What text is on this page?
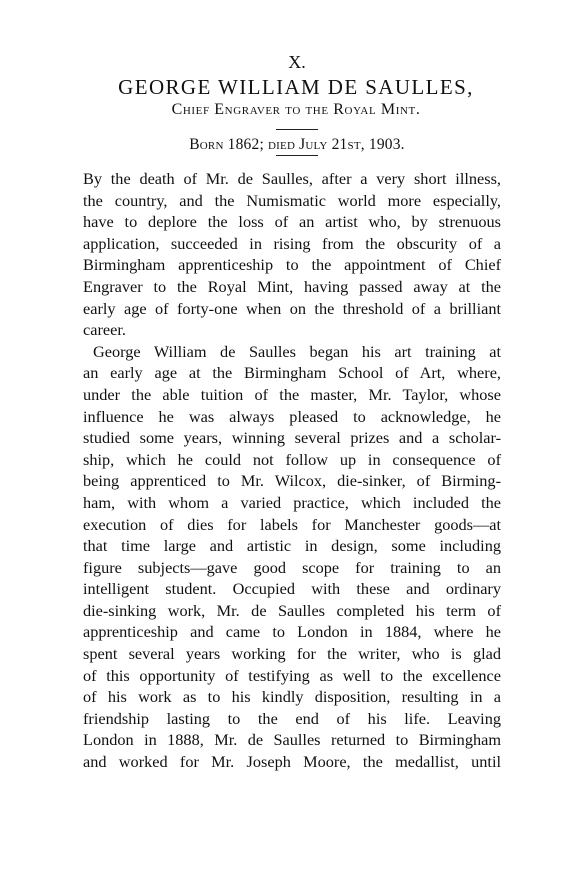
X.
GEORGE WILLIAM DE SAULLES,
Chief Engraver to the Royal Mint.
Born 1862; died July 21st, 1903.
By the death of Mr. de Saulles, after a very short illness,
the country, and the Numismatic world more especially,
have to deplore the loss of an artist who, by strenuous
application, succeeded in rising from the obscurity of a
Birmingham apprenticeship to the appointment of Chief
Engraver to the Royal Mint, having passed away at the
early age of forty-one when on the threshold of a brilliant
career.
George William de Saulles began his art training at
an early age at the Birmingham School of Art, where,
under the able tuition of the master, Mr. Taylor, whose
influence he was always pleased to acknowledge, he
studied some years, winning several prizes and a scholar-
ship, which he could not follow up in consequence of
being apprenticed to Mr. Wilcox, die-sinker, of Birming-
ham, with whom a varied practice, which included the
execution of dies for labels for Manchester goods—at
that time large and artistic in design, some including
figure subjects—gave good scope for training to an
intelligent student. Occupied with these and ordinary
die-sinking work, Mr. de Saulles completed his term of
apprenticeship and came to London in 1884, where he
spent several years working for the writer, who is glad
of this opportunity of testifying as well to the excellence
of his work as to his kindly disposition, resulting in a
friendship lasting to the end of his life. Leaving
London in 1888, Mr. de Saulles returned to Birmingham
and worked for Mr. Joseph Moore, the medallist, until
